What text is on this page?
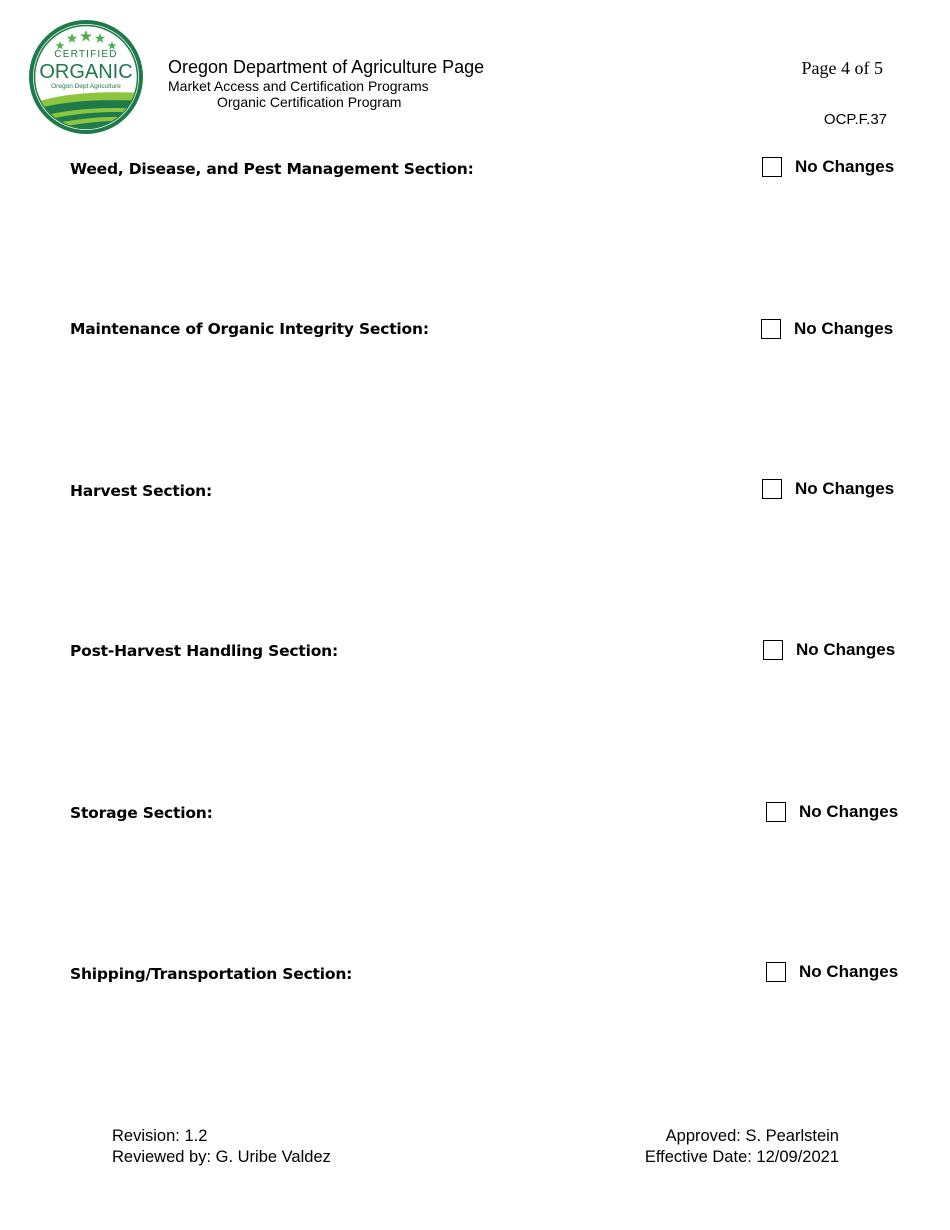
CERTIFIED
ORGANIC
Oregon Dept Agriculture
Oregon Department of Agriculture Page
Market Access and Certification Programs
Organic Certification Program
Page 4 of 5
OCP.F.37
Weed, Disease, and Pest Management Section:	No Changes
Maintenance of Organic Integrity Section:	No Changes
Harvest Section:	No Changes
Post-Harvest Handling Section:	No Changes
Storage Section:	No Changes
Shipping/Transportation Section:	No Changes
Revision: 1.2
Reviewed by: G. Uribe Valdez
Approved: S. Pearlstein
Effective Date: 12/09/2021
